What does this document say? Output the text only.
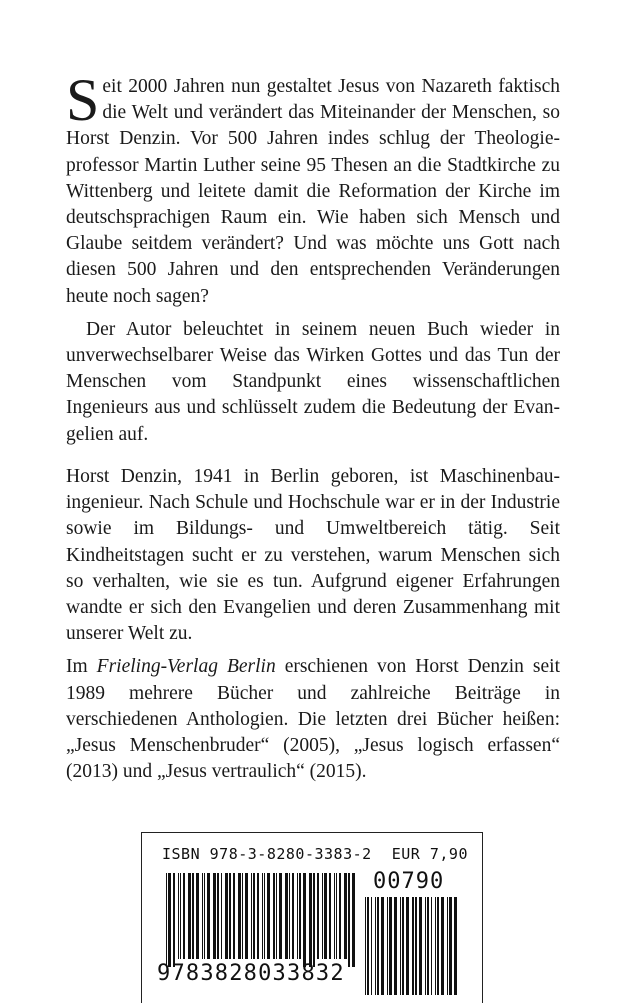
Seit 2000 Jahren nun gestaltet Jesus von Nazareth faktisch die Welt und verändert das Miteinander der Menschen, so Horst Denzin. Vor 500 Jahren indes schlug der Theologieprofessor Martin Luther seine 95 Thesen an die Stadtkirche zu Wittenberg und leitete damit die Reformation der Kirche im deutschsprachigen Raum ein. Wie haben sich Mensch und Glaube seitdem verändert? Und was möchte uns Gott nach diesen 500 Jahren und den entsprechenden Veränderungen heute noch sagen?

Der Autor beleuchtet in seinem neuen Buch wieder in unverwechselbarer Weise das Wirken Gottes und das Tun der Menschen vom Standpunkt eines wissenschaftlichen Ingenieurs aus und schlüsselt zudem die Bedeutung der Evangelien auf.

Horst Denzin, 1941 in Berlin geboren, ist Maschinenbauingenieur. Nach Schule und Hochschule war er in der Industrie sowie im Bildungs- und Umweltbereich tätig. Seit Kindheitstagen sucht er zu verstehen, warum Menschen sich so verhalten, wie sie es tun. Aufgrund eigener Erfahrungen wandte er sich den Evangelien und deren Zusammenhang mit unserer Welt zu.

Im Frieling-Verlag Berlin erschienen von Horst Denzin seit 1989 mehrere Bücher und zahlreiche Beiträge in verschiedenen Anthologien. Die letzten drei Bücher heißen: „Jesus Menschenbruder“ (2005), „Jesus logisch erfassen“ (2013) und „Jesus vertraulich“ (2015).

ISBN 978-3-8280-3383-2 EUR 7,90
00790
9783828033832
